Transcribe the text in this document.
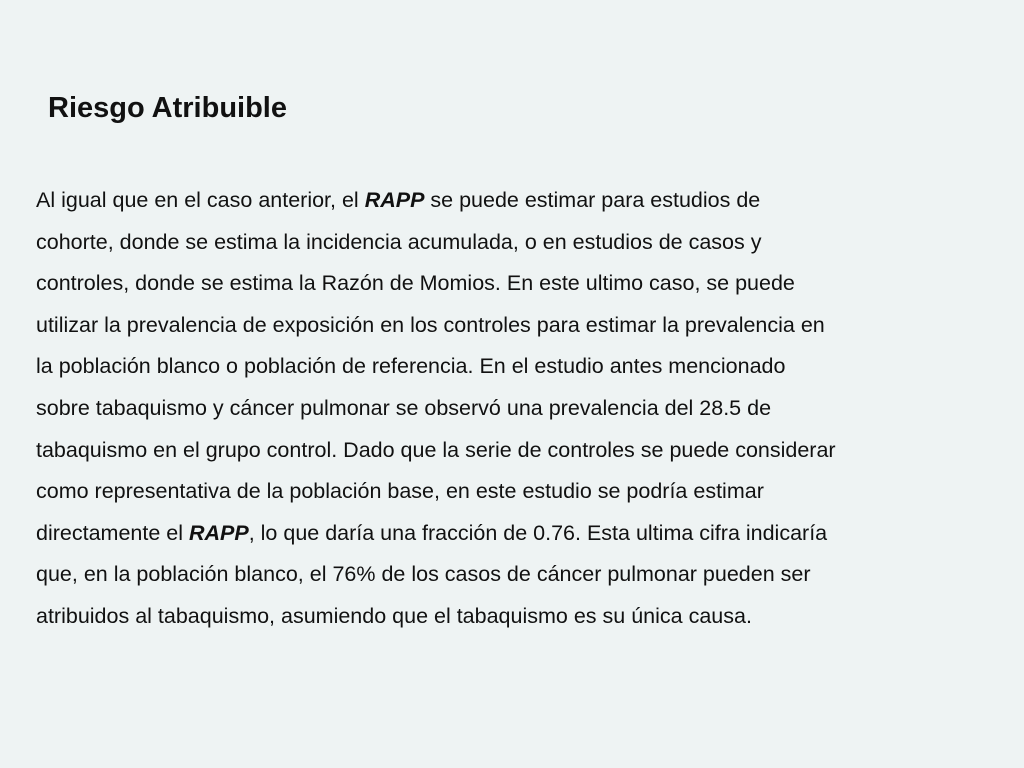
Riesgo Atribuible
Al igual que en el caso anterior, el RAPP se puede estimar para estudios de
cohorte, donde se estima la incidencia acumulada, o en estudios de casos y
controles, donde se estima la Razón de Momios. En este ultimo caso, se puede
utilizar la prevalencia de exposición en los controles para estimar la prevalencia en
la población blanco o población de referencia. En el estudio antes mencionado
sobre tabaquismo y cáncer pulmonar se observó una prevalencia del 28.5 de
tabaquismo en el grupo control. Dado que la serie de controles se puede considerar
como representativa de la población base, en este estudio se podría estimar
directamente el RAPP, lo que daría una fracción de 0.76. Esta ultima cifra indicaría
que, en la población blanco, el 76% de los casos de cáncer pulmonar pueden ser
atribuidos al tabaquismo, asumiendo que el tabaquismo es su única causa.
